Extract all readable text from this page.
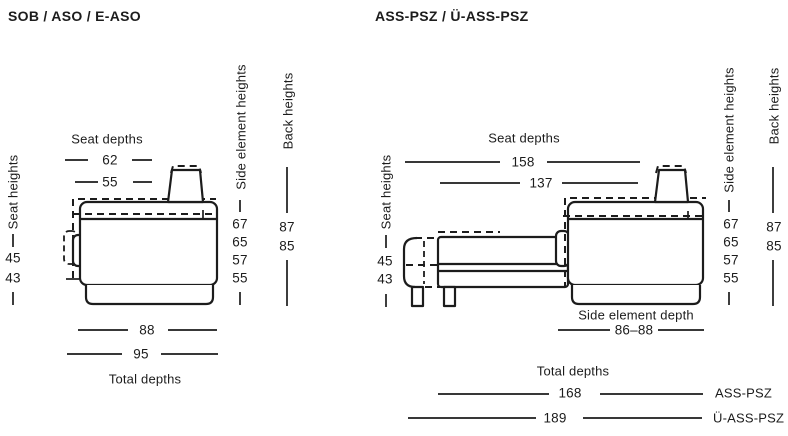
SOB / ASO / E-ASO
Seat depths
62
55
Seat heights
45
43
Side element heights
67
65
57
55
Back heights
87
85
88
95
Total depths
ASS-PSZ / Ü-ASS-PSZ
Seat depths
158
137
Seat heights
45
43
Side element heights
67
65
57
55
Back heights
87
85
Side element depth
86–88
Total depths
168	ASS-PSZ
189	Ü-ASS-PSZ
